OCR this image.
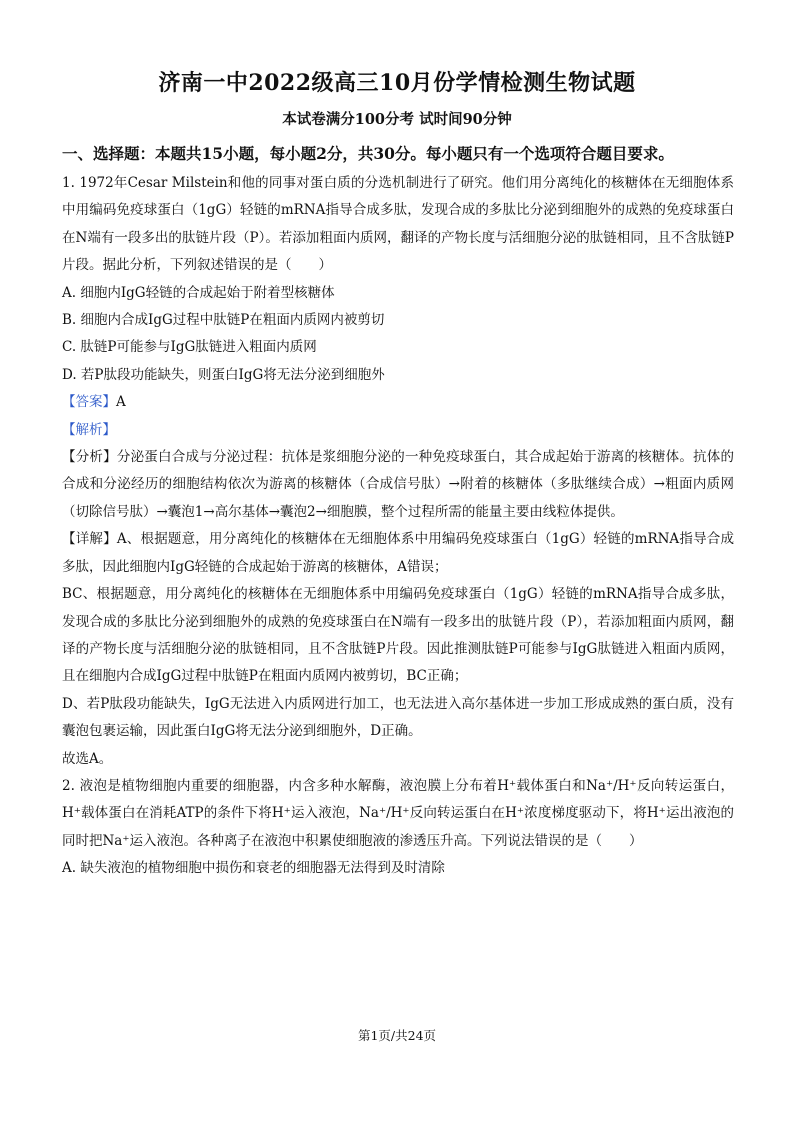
济南一中2022级高三10月份学情检测生物试题
本试卷满分100分考 试时间90分钟
一、选择题：本题共15小题，每小题2分，共30分。每小题只有一个选项符合题目要求。

1. 1972年Cesar Milstein和他的同事对蛋白质的分选机制进行了研究。他们用分离纯化的核糖体在无细胞体系中用编码免疫球蛋白（1gG）轻链的mRNA指导合成多肽，发现合成的多肽比分泌到细胞外的成熟的免疫球蛋白在N端有一段多出的肽链片段（P）。若添加粗面内质网，翻译的产物长度与活细胞分泌的肽链相同，且不含肽链P片段。据此分析，下列叙述错误的是（　　）

A. 细胞内IgG轻链的合成起始于附着型核糖体

B. 细胞内合成IgG过程中肽链P在粗面内质网内被剪切

C. 肽链P可能参与IgG肽链进入粗面内质网

D. 若P肽段功能缺失，则蛋白IgG将无法分泌到细胞外

【答案】A

【解析】

【分析】分泌蛋白合成与分泌过程：抗体是浆细胞分泌的一种免疫球蛋白，其合成起始于游离的核糖体。抗体的合成和分泌经历的细胞结构依次为游离的核糖体（合成信号肽）→附着的核糖体（多肽继续合成）→粗面内质网（切除信号肽）→囊泡1→高尔基体→囊泡2→细胞膜，整个过程所需的能量主要由线粒体提供。

【详解】A、根据题意，用分离纯化的核糖体在无细胞体系中用编码免疫球蛋白（1gG）轻链的mRNA指导合成多肽，因此细胞内IgG轻链的合成起始于游离的核糖体，A错误；

BC、根据题意，用分离纯化的核糖体在无细胞体系中用编码免疫球蛋白（1gG）轻链的mRNA指导合成多肽，发现合成的多肽比分泌到细胞外的成熟的免疫球蛋白在N端有一段多出的肽链片段（P），若添加粗面内质网，翻译的产物长度与活细胞分泌的肽链相同，且不含肽链P片段。因此推测肽链P可能参与IgG肽链进入粗面内质网，且在细胞内合成IgG过程中肽链P在粗面内质网内被剪切，BC正确；

D、若P肽段功能缺失，IgG无法进入内质网进行加工，也无法进入高尔基体进一步加工形成成熟的蛋白质，没有囊泡包裹运输，因此蛋白IgG将无法分泌到细胞外，D正确。

故选A。

2. 液泡是植物细胞内重要的细胞器，内含多种水解酶，液泡膜上分布着H⁺载体蛋白和Na⁺/H⁺反向转运蛋白，H⁺载体蛋白在消耗ATP的条件下将H⁺运入液泡，Na⁺/H⁺反向转运蛋白在H⁺浓度梯度驱动下，将H⁺运出液泡的同时把Na⁺运入液泡。各种离子在液泡中积累使细胞液的渗透压升高。下列说法错误的是（　　）

A. 缺失液泡的植物细胞中损伤和衰老的细胞器无法得到及时清除

第1页/共24页
